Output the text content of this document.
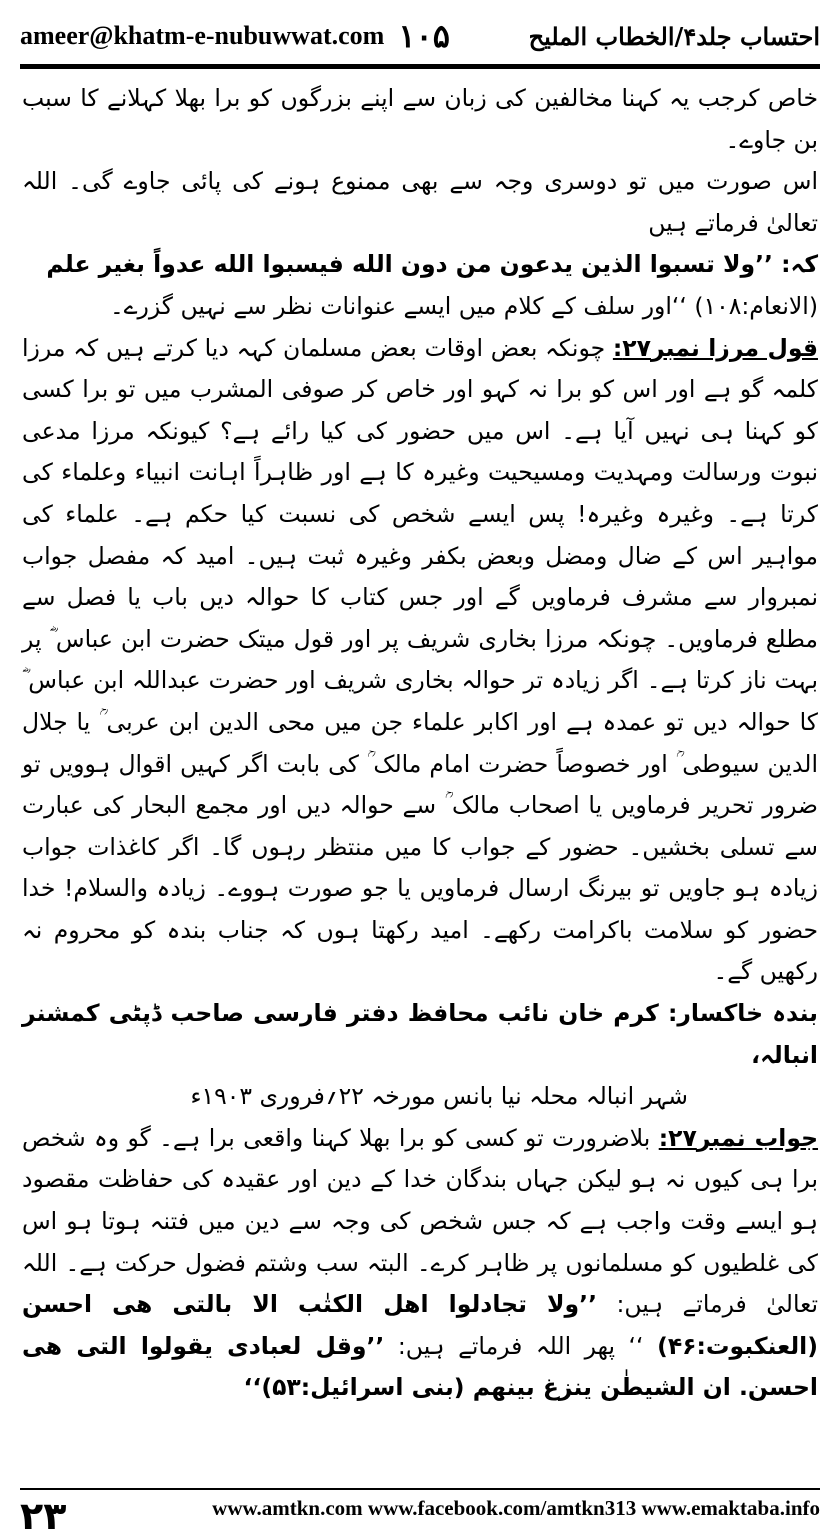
ameer@khatm-e-nubuwwat.com ۱۰۵	احتساب جلد۴/الخطاب الملیح

خاص کرجب یہ کہنا مخالفین کی زبان سے اپنے بزرگوں کو برا بھلا کہلانے کا سبب بن جاوے۔

اس صورت میں تو دوسری وجہ سے بھی ممنوع ہونے کی پائی جاوے گی۔ اللہ تعالیٰ فرماتے ہیں

کہ: ’’ولا تسبوا الذین یدعون من دون الله فیسبوا الله عدواً بغیر علم

(الانعام:۱۰۸) ‘‘اور سلف کے کلام میں ایسے عنوانات نظر سے نہیں گزرے۔

قول مرزا نمبر۲۷: چونکہ بعض اوقات بعض مسلمان کہہ دیا کرتے ہیں کہ مرزا کلمہ گو ہے اور اس کو برا نہ کہو اور خاص کر صوفی المشرب میں تو برا کسی کو کہنا ہی نہیں آیا ہے۔ اس میں حضور کی کیا رائے ہے؟ کیونکہ مرزا مدعی نبوت ورسالت ومہدیت ومسیحیت وغیرہ کا ہے اور ظاہراً اہانت انبیاء وعلماء کی کرتا ہے۔ وغیرہ وغیرہ! پس ایسے شخص کی نسبت کیا حکم ہے۔ علماء کی مواہیر اس کے ضال ومضل وبعض بکفر وغیرہ ثبت ہیں۔ امید کہ مفصل جواب نمبروار سے مشرف فرماویں گے اور جس کتاب کا حوالہ دیں باب یا فصل سے مطلع فرماویں۔ چونکہ مرزا بخاری شریف پر اور قول میتک حضرت ابن عباس ؓ پر بہت ناز کرتا ہے۔ اگر زیادہ تر حوالہ بخاری شریف اور حضرت عبداللہ ابن عباس ؓ کا حوالہ دیں تو عمدہ ہے اور اکابر علماء جن میں محی الدین ابن عربی ؒ یا جلال الدین سیوطی ؒ اور خصوصاً حضرت امام مالک ؒ کی بابت اگر کہیں اقوال ہوویں تو ضرور تحریر فرماویں یا اصحاب مالک ؒ سے حوالہ دیں اور مجمع البحار کی عبارت سے تسلی بخشیں۔ حضور کے جواب کا میں منتظر رہوں گا۔ اگر کاغذات جواب زیادہ ہو جاویں تو بیرنگ ارسال فرماویں یا جو صورت ہووے۔ زیادہ والسلام! خدا حضور کو سلامت باکرامت رکھے۔ امید رکھتا ہوں کہ جناب بندہ کو محروم نہ رکھیں گے۔

بندہ خاکسار: کرم خان نائب محافظ دفتر فارسی صاحب ڈپٹی کمشنر انبالہ،

شہر انبالہ محلہ نیا بانس مورخہ ۲۲؍فروری ۱۹۰۳ء

جواب نمبر۲۷: بلاضرورت تو کسی کو برا بھلا کہنا واقعی برا ہے۔ گو وہ شخص برا ہی کیوں نہ ہو لیکن جہاں بندگان خدا کے دین اور عقیدہ کی حفاظت مقصود ہو ایسے وقت واجب ہے کہ جس شخص کی وجہ سے دین میں فتنہ ہوتا ہو اس کی غلطیوں کو مسلمانوں پر ظاہر کرے۔ البتہ سب وشتم فضول حرکت ہے۔ اللہ تعالیٰ فرماتے ہیں: ’’ولا تجادلوا اهل الکتٰب الا بالتی هی احسن (العنکبوت:۴۶) ‘‘ پھر اللہ فرماتے ہیں: ’’وقل لعبادی یقولوا التی هی احسن. ان الشیطٰن ینزغ بینهم (بنی اسرائیل:۵۳)‘‘

۲۳	www.amtkn.com www.facebook.com/amtkn313 www.emaktaba.info
